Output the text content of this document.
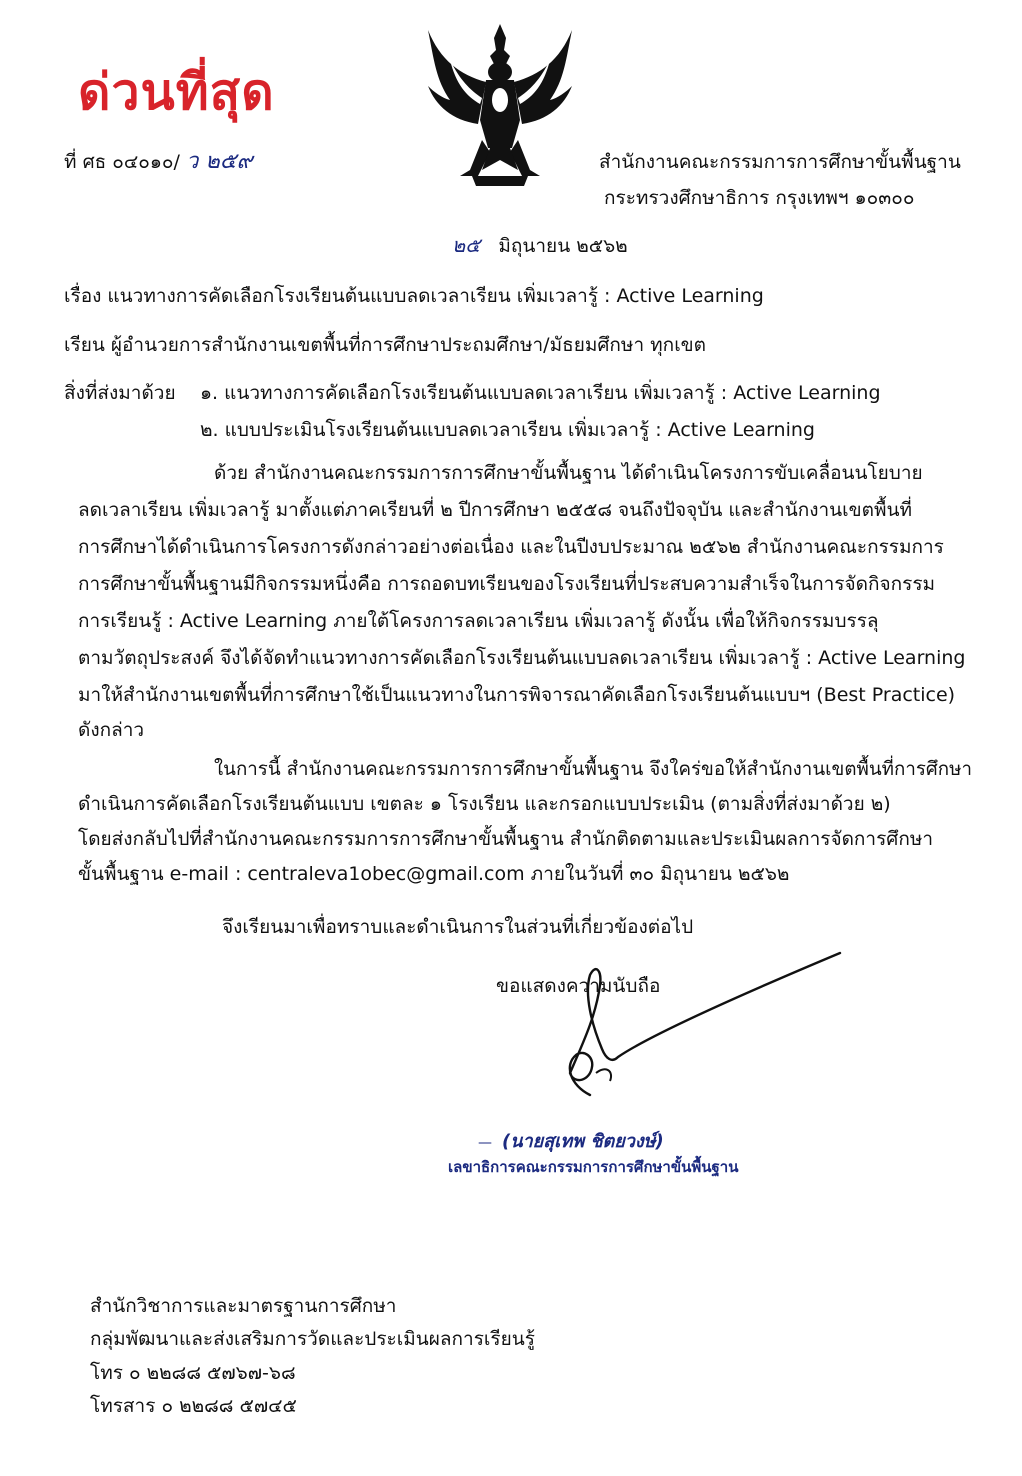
ด่วนที่สุด
ที่ ศธ ๐๔๐๑๐/ ว ๒๕๙	สำนักงานคณะกรรมการการศึกษาขั้นพื้นฐาน
กระทรวงศึกษาธิการ กรุงเทพฯ ๑๐๓๐๐
๒๕ มิถุนายน ๒๕๖๒
เรื่อง แนวทางการคัดเลือกโรงเรียนต้นแบบลดเวลาเรียน เพิ่มเวลารู้ : Active Learning
เรียน ผู้อำนวยการสำนักงานเขตพื้นที่การศึกษาประถมศึกษา/มัธยมศึกษา ทุกเขต
สิ่งที่ส่งมาด้วย ๑. แนวทางการคัดเลือกโรงเรียนต้นแบบลดเวลาเรียน เพิ่มเวลารู้ : Active Learning
๒. แบบประเมินโรงเรียนต้นแบบลดเวลาเรียน เพิ่มเวลารู้ : Active Learning
ด้วย สำนักงานคณะกรรมการการศึกษาขั้นพื้นฐาน ได้ดำเนินโครงการขับเคลื่อนนโยบาย
ลดเวลาเรียน เพิ่มเวลารู้ มาตั้งแต่ภาคเรียนที่ ๒ ปีการศึกษา ๒๕๕๘ จนถึงปัจจุบัน และสำนักงานเขตพื้นที่
การศึกษาได้ดำเนินการโครงการดังกล่าวอย่างต่อเนื่อง และในปีงบประมาณ ๒๕๖๒ สำนักงานคณะกรรมการ
การศึกษาขั้นพื้นฐานมีกิจกรรมหนึ่งคือ การถอดบทเรียนของโรงเรียนที่ประสบความสำเร็จในการจัดกิจกรรม
การเรียนรู้ : Active Learning ภายใต้โครงการลดเวลาเรียน เพิ่มเวลารู้ ดังนั้น เพื่อให้กิจกรรมบรรลุ
ตามวัตถุประสงค์ จึงได้จัดทำแนวทางการคัดเลือกโรงเรียนต้นแบบลดเวลาเรียน เพิ่มเวลารู้ : Active Learning
มาให้สำนักงานเขตพื้นที่การศึกษาใช้เป็นแนวทางในการพิจารณาคัดเลือกโรงเรียนต้นแบบฯ (Best Practice)
ดังกล่าว
ในการนี้ สำนักงานคณะกรรมการการศึกษาขั้นพื้นฐาน จึงใคร่ขอให้สำนักงานเขตพื้นที่การศึกษา
ดำเนินการคัดเลือกโรงเรียนต้นแบบ เขตละ ๑ โรงเรียน และกรอกแบบประเมิน (ตามสิ่งที่ส่งมาด้วย ๒)
โดยส่งกลับไปที่สำนักงานคณะกรรมการการศึกษาขั้นพื้นฐาน สำนักติดตามและประเมินผลการจัดการศึกษา
ขั้นพื้นฐาน e-mail : centraleva1obec@gmail.com ภายในวันที่ ๓๐ มิถุนายน ๒๕๖๒
จึงเรียนมาเพื่อทราบและดำเนินการในส่วนที่เกี่ยวข้องต่อไป
ขอแสดงความนับถือ
— (นายสุเทพ ชิตยวงษ์)
เลขาธิการคณะกรรมการการศึกษาขั้นพื้นฐาน
สำนักวิชาการและมาตรฐานการศึกษา
กลุ่มพัฒนาและส่งเสริมการวัดและประเมินผลการเรียนรู้
โทร ๐ ๒๒๘๘ ๕๗๖๗-๖๘
โทรสาร ๐ ๒๒๘๘ ๕๗๔๕
